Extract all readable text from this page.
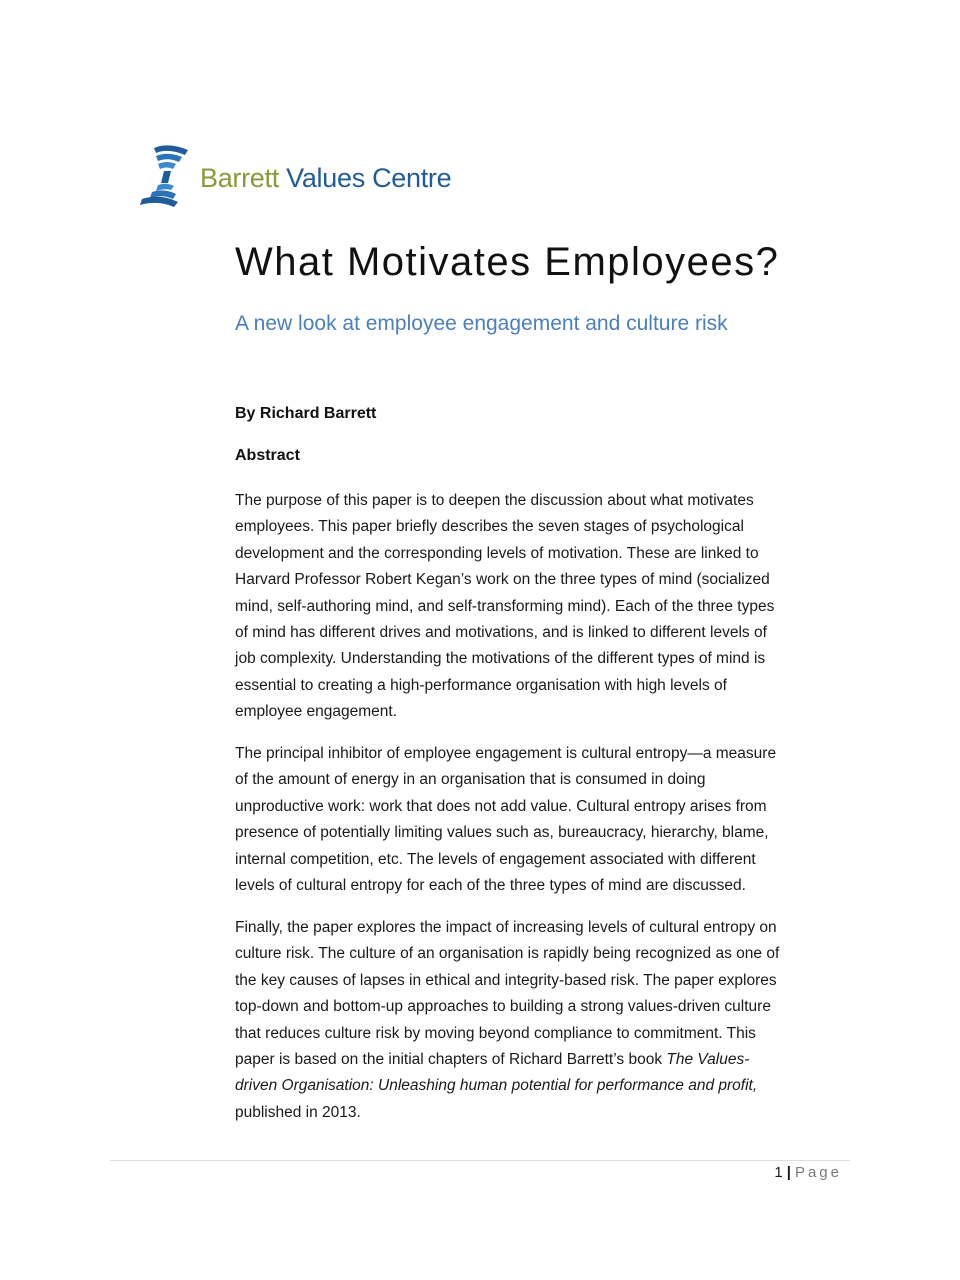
Barrett Values Centre
What Motivates Employees?
A new look at employee engagement and culture risk

By Richard Barrett

Abstract

The purpose of this paper is to deepen the discussion about what motivates
employees. This paper briefly describes the seven stages of psychological
development and the corresponding levels of motivation. These are linked to
Harvard Professor Robert Kegan’s work on the three types of mind (socialized
mind, self-authoring mind, and self-transforming mind). Each of the three types
of mind has different drives and motivations, and is linked to different levels of
job complexity. Understanding the motivations of the different types of mind is
essential to creating a high-performance organisation with high levels of
employee engagement.
The principal inhibitor of employee engagement is cultural entropy—a measure
of the amount of energy in an organisation that is consumed in doing
unproductive work: work that does not add value. Cultural entropy arises from
presence of potentially limiting values such as, bureaucracy, hierarchy, blame,
internal competition, etc. The levels of engagement associated with different
levels of cultural entropy for each of the three types of mind are discussed.
Finally, the paper explores the impact of increasing levels of cultural entropy on
culture risk. The culture of an organisation is rapidly being recognized as one of
the key causes of lapses in ethical and integrity-based risk. The paper explores
top-down and bottom-up approaches to building a strong values-driven culture
that reduces culture risk by moving beyond compliance to commitment. This
paper is based on the initial chapters of Richard Barrett’s book The Values-
driven Organisation: Unleashing human potential for performance and profit,
published in 2013.
1 | Page
